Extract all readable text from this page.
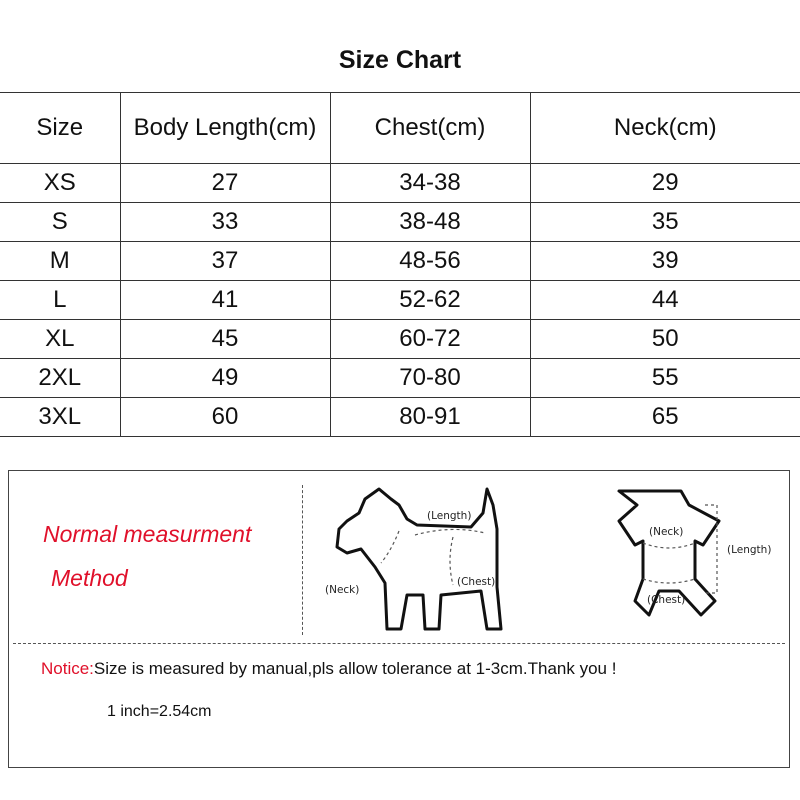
Size Chart
Size	Body Length(cm)	Chest(cm)	Neck(cm)
XS	27	34-38	29
S	33	38-48	35
M	37	48-56	39
L	41	52-62	44
XL	45	60-72	50
2XL	49	70-80	55
3XL	60	80-91	65
Normal measurment
Method
(Length)
(Chest)
(Neck)
(Neck)
(Chest)
(Length)
Notice:Size is measured by manual,pls allow tolerance at 1-3cm.Thank you !
1 inch=2.54cm
